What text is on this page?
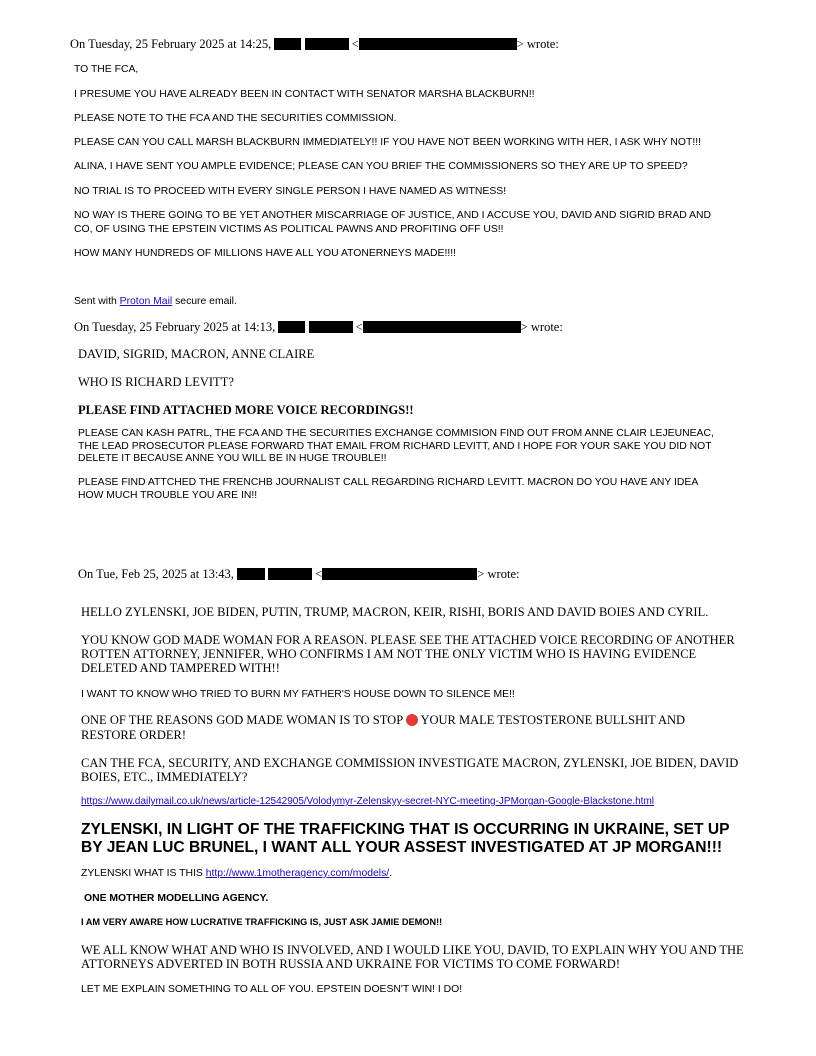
On Tuesday, 25 February 2025 at 14:25,	<	> wrote:
TO THE FCA,
I PRESUME YOU HAVE ALREADY BEEN IN CONTACT WITH SENATOR MARSHA BLACKBURN!!
PLEASE NOTE TO THE FCA AND THE SECURITIES COMMISSION.
PLEASE CAN YOU CALL MARSH BLACKBURN IMMEDIATELY!! IF YOU HAVE NOT BEEN WORKING WITH HER, I ASK WHY NOT!!!
ALINA, I HAVE SENT YOU AMPLE EVIDENCE; PLEASE CAN YOU BRIEF THE COMMISSIONERS SO THEY ARE UP TO SPEED?
NO TRIAL IS TO PROCEED WITH EVERY SINGLE PERSON I HAVE NAMED AS WITNESS!
NO WAY IS THERE GOING TO BE YET ANOTHER MISCARRIAGE OF JUSTICE, AND I ACCUSE YOU, DAVID AND SIGRID BRAD AND
CO, OF USING THE EPSTEIN VICTIMS AS POLITICAL PAWNS AND PROFITING OFF US!!
HOW MANY HUNDREDS OF MILLIONS HAVE ALL YOU ATONERNEYS MADE!!!!
Sent with Proton Mail secure email.
On Tuesday, 25 February 2025 at 14:13,	<	> wrote:
DAVID, SIGRID, MACRON, ANNE CLAIRE
WHO IS RICHARD LEVITT?
PLEASE FIND ATTACHED MORE VOICE RECORDINGS!!
PLEASE CAN KASH PATRL, THE FCA AND THE SECURITIES EXCHANGE COMMISION FIND OUT FROM ANNE CLAIR LEJEUNEAC,
THE LEAD PROSECUTOR PLEASE FORWARD THAT EMAIL FROM RICHARD LEVITT, AND I HOPE FOR YOUR SAKE YOU DID NOT
DELETE IT BECAUSE ANNE YOU WILL BE IN HUGE TROUBLE!!
PLEASE FIND ATTCHED THE FRENCHB JOURNALIST CALL REGARDING RICHARD LEVITT. MACRON DO YOU HAVE ANY IDEA
HOW MUCH TROUBLE YOU ARE IN!!
On Tue, Feb 25, 2025 at 13:43,	<	> wrote:
HELLO ZYLENSKI, JOE BIDEN, PUTIN, TRUMP, MACRON, KEIR, RISHI, BORIS AND DAVID BOIES AND CYRIL.
YOU KNOW GOD MADE WOMAN FOR A REASON. PLEASE SEE THE ATTACHED VOICE RECORDING OF ANOTHER
ROTTEN ATTORNEY, JENNIFER, WHO CONFIRMS I AM NOT THE ONLY VICTIM WHO IS HAVING EVIDENCE
DELETED AND TAMPERED WITH!!
I WANT TO KNOW WHO TRIED TO BURN MY FATHER'S HOUSE DOWN TO SILENCE ME!!
ONE OF THE REASONS GOD MADE WOMAN IS TO STOP  YOUR MALE TESTOSTERONE BULLSHIT AND
RESTORE ORDER!
CAN THE FCA, SECURITY, AND EXCHANGE COMMISSION INVESTIGATE MACRON, ZYLENSKI, JOE BIDEN, DAVID
BOIES, ETC., IMMEDIATELY?
https://www.dailymail.co.uk/news/article-12542905/Volodymyr-Zelenskyy-secret-NYC-meeting-JPMorgan-Google-Blackstone.html
ZYLENSKI, IN LIGHT OF THE TRAFFICKING THAT IS OCCURRING IN UKRAINE, SET UP
BY JEAN LUC BRUNEL, I WANT ALL YOUR ASSEST INVESTIGATED AT JP MORGAN!!!
ZYLENSKI WHAT IS THIS http://www.1motheragency.com/models/.
ONE MOTHER MODELLING AGENCY.
I AM VERY AWARE HOW LUCRATIVE TRAFFICKING IS, JUST ASK JAMIE DEMON!!
WE ALL KNOW WHAT AND WHO IS INVOLVED, AND I WOULD LIKE YOU, DAVID, TO EXPLAIN WHY YOU AND THE
ATTORNEYS ADVERTED IN BOTH RUSSIA AND UKRAINE FOR VICTIMS TO COME FORWARD!
LET ME EXPLAIN SOMETHING TO ALL OF YOU. EPSTEIN DOESN'T WIN! I DO!
